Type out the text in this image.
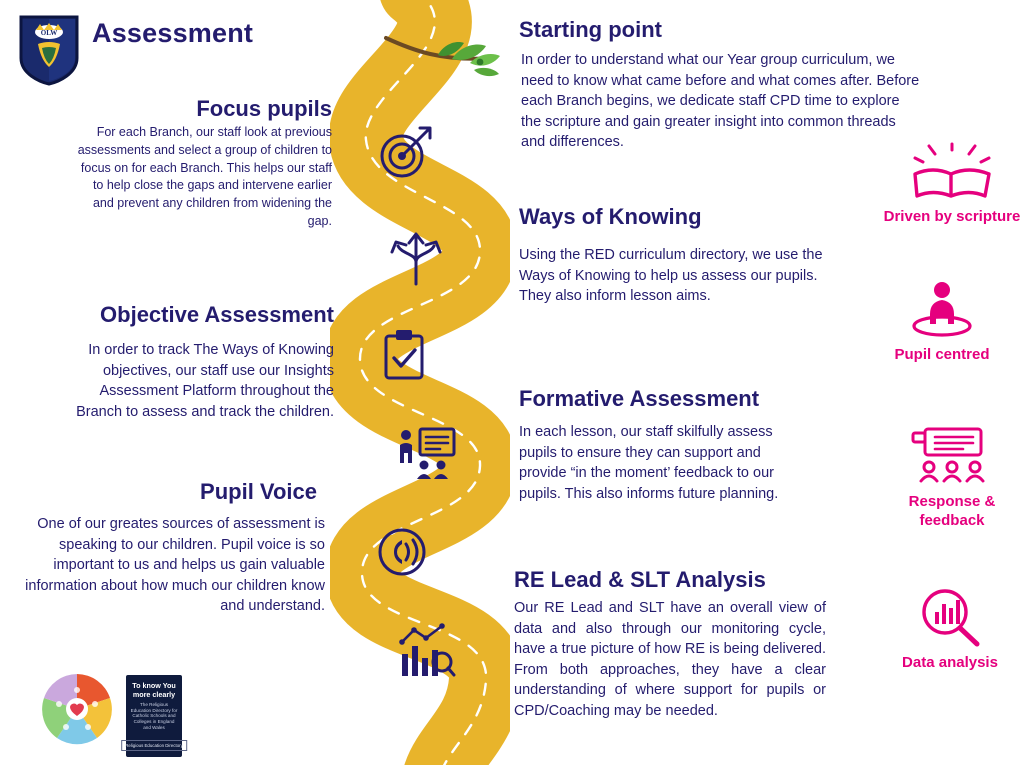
OLW Assessment
Focus pupils
For each Branch, our staff look at previous assessments and select a group of children to focus on for each Branch. This helps our staff to help close the gaps and intervene earlier and prevent any children from widening the gap.
Objective Assessment
In order to track The Ways of Knowing objectives, our staff use our Insights Assessment Platform throughout the Branch to assess and track the children.
Pupil Voice
One of our greates sources of assessment is speaking to our children. Pupil voice is so important to us and helps us gain valuable information about how much our children know and understand.
Starting point
In order to understand what our Year group curriculum, we need to know what came before and what comes after. Before each Branch begins, we dedicate staff CPD time to explore the scripture and gain greater insight into common threads and differences.
Ways of Knowing
Using the RED curriculum directory, we use the Ways of Knowing to help us assess our pupils. They also inform lesson aims.
Formative Assessment
In each lesson, our staff skilfully assess pupils to ensure they can support and provide “in the moment’ feedback to our pupils. This also informs future planning.
RE Lead & SLT Analysis
Our RE Lead and SLT have an overall view of data and also through our monitoring cycle, have a true picture of how RE is being delivered. From both approaches, they have a clear understanding of where support for pupils or CPD/Coaching may be needed.
Driven by scripture
Pupil centred
Response & feedback
Data analysis
To know You more clearly
The Religious Education Directory for Catholic Schools and Colleges in England and Wales
Religious Education Directory
